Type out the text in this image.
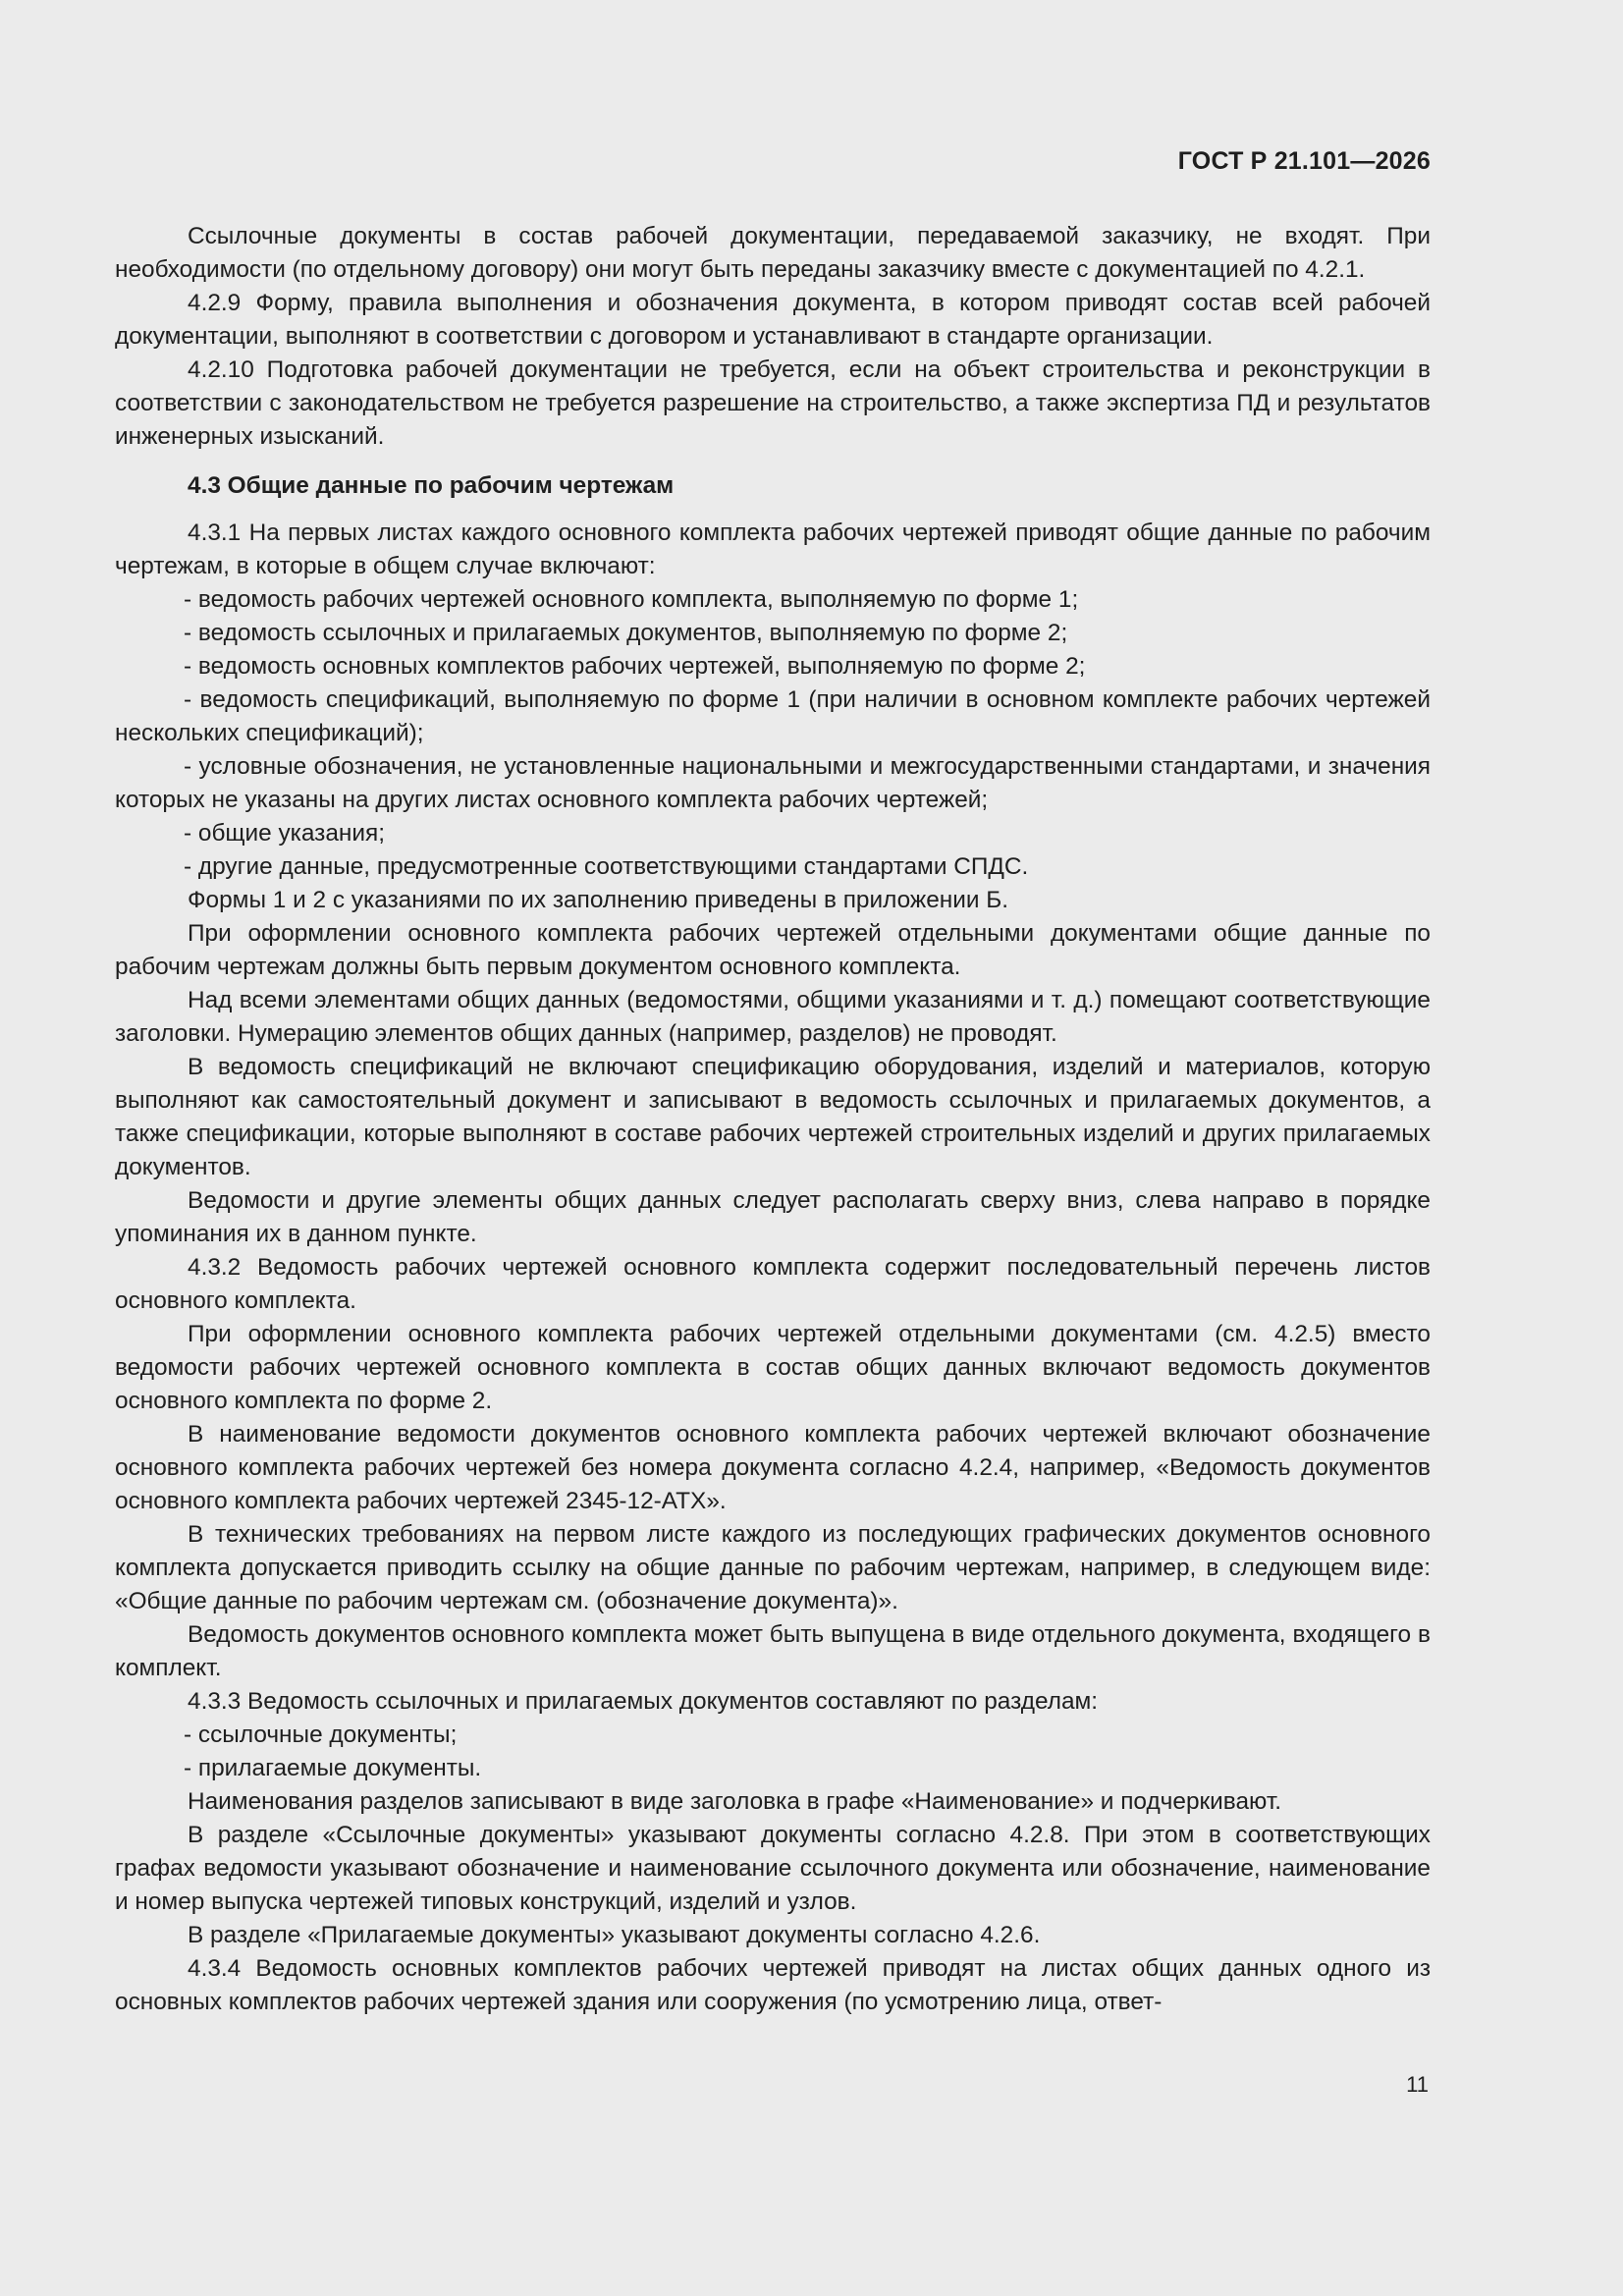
ГОСТ Р 21.101—2026

Ссылочные документы в состав рабочей документации, передаваемой заказчику, не входят. При необходимости (по отдельному договору) они могут быть переданы заказчику вместе с документацией по 4.2.1.

4.2.9 Форму, правила выполнения и обозначения документа, в котором приводят состав всей рабочей документации, выполняют в соответствии с договором и устанавливают в стандарте организации.

4.2.10 Подготовка рабочей документации не требуется, если на объект строительства и реконструкции в соответствии с законодательством не требуется разрешение на строительство, а также экспертиза ПД и результатов инженерных изысканий.

4.3 Общие данные по рабочим чертежам

4.3.1 На первых листах каждого основного комплекта рабочих чертежей приводят общие данные по рабочим чертежам, в которые в общем случае включают:

- ведомость рабочих чертежей основного комплекта, выполняемую по форме 1;

- ведомость ссылочных и прилагаемых документов, выполняемую по форме 2;

- ведомость основных комплектов рабочих чертежей, выполняемую по форме 2;

- ведомость спецификаций, выполняемую по форме 1 (при наличии в основном комплекте рабочих чертежей нескольких спецификаций);

- условные обозначения, не установленные национальными и межгосударственными стандартами, и значения которых не указаны на других листах основного комплекта рабочих чертежей;

- общие указания;

- другие данные, предусмотренные соответствующими стандартами СПДС.

Формы 1 и 2 с указаниями по их заполнению приведены в приложении Б.

При оформлении основного комплекта рабочих чертежей отдельными документами общие данные по рабочим чертежам должны быть первым документом основного комплекта.

Над всеми элементами общих данных (ведомостями, общими указаниями и т. д.) помещают соответствующие заголовки. Нумерацию элементов общих данных (например, разделов) не проводят.

В ведомость спецификаций не включают спецификацию оборудования, изделий и материалов, которую выполняют как самостоятельный документ и записывают в ведомость ссылочных и прилагаемых документов, а также спецификации, которые выполняют в составе рабочих чертежей строительных изделий и других прилагаемых документов.

Ведомости и другие элементы общих данных следует располагать сверху вниз, слева направо в порядке упоминания их в данном пункте.

4.3.2 Ведомость рабочих чертежей основного комплекта содержит последовательный перечень листов основного комплекта.

При оформлении основного комплекта рабочих чертежей отдельными документами (см. 4.2.5) вместо ведомости рабочих чертежей основного комплекта в состав общих данных включают ведомость документов основного комплекта по форме 2.

В наименование ведомости документов основного комплекта рабочих чертежей включают обозначение основного комплекта рабочих чертежей без номера документа согласно 4.2.4, например, «Ведомость документов основного комплекта рабочих чертежей 2345-12-АТХ».

В технических требованиях на первом листе каждого из последующих графических документов основного комплекта допускается приводить ссылку на общие данные по рабочим чертежам, например, в следующем виде: «Общие данные по рабочим чертежам см. (обозначение документа)».

Ведомость документов основного комплекта может быть выпущена в виде отдельного документа, входящего в комплект.

4.3.3 Ведомость ссылочных и прилагаемых документов составляют по разделам:

- ссылочные документы;

- прилагаемые документы.

Наименования разделов записывают в виде заголовка в графе «Наименование» и подчеркивают.

В разделе «Ссылочные документы» указывают документы согласно 4.2.8. При этом в соответствующих графах ведомости указывают обозначение и наименование ссылочного документа или обозначение, наименование и номер выпуска чертежей типовых конструкций, изделий и узлов.

В разделе «Прилагаемые документы» указывают документы согласно 4.2.6.

4.3.4 Ведомость основных комплектов рабочих чертежей приводят на листах общих данных одного из основных комплектов рабочих чертежей здания или сооружения (по усмотрению лица, ответ-

11
